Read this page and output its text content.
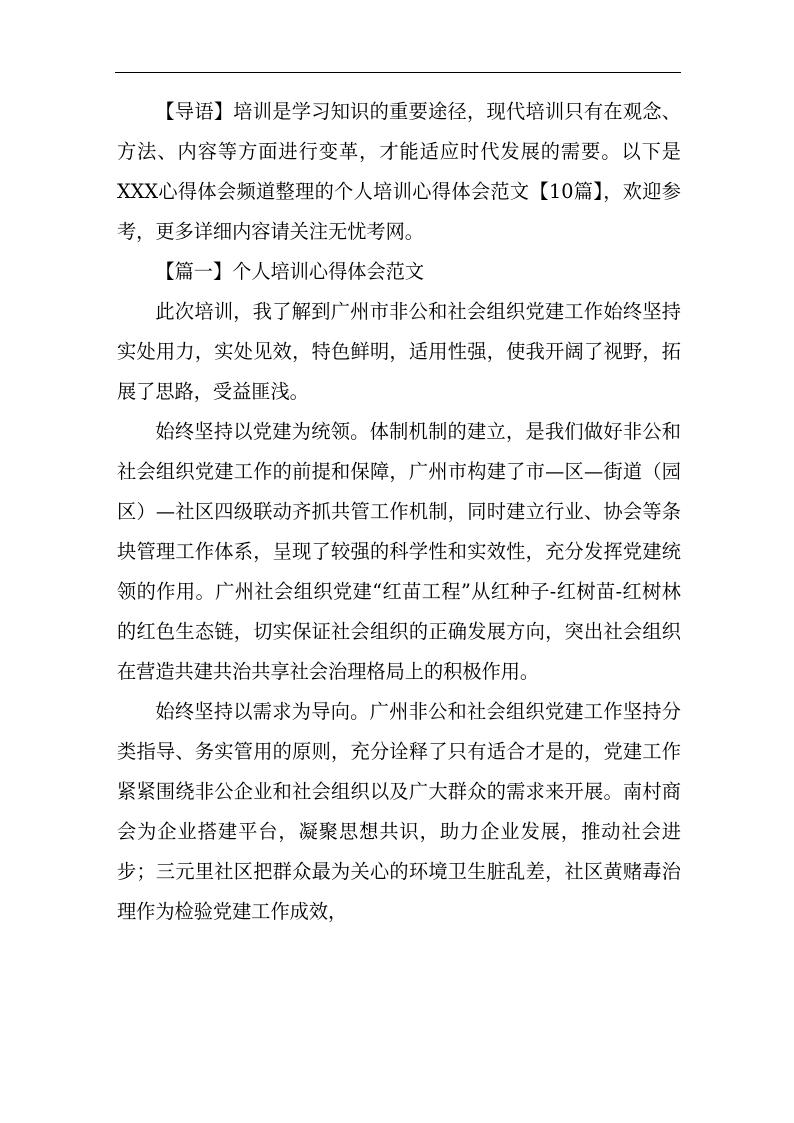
【导语】培训是学习知识的重要途径，现代培训只有在观念、方法、内容等方面进行变革，才能适应时代发展的需要。以下是XXX心得体会频道整理的个人培训心得体会范文【10篇】，欢迎参考，更多详细内容请关注无忧考网。

【篇一】个人培训心得体会范文

此次培训，我了解到广州市非公和社会组织党建工作始终坚持实处用力，实处见效，特色鲜明，适用性强，使我开阔了视野，拓展了思路，受益匪浅。

始终坚持以党建为统领。体制机制的建立，是我们做好非公和社会组织党建工作的前提和保障，广州市构建了市—区—街道（园区）—社区四级联动齐抓共管工作机制，同时建立行业、协会等条块管理工作体系，呈现了较强的科学性和实效性，充分发挥党建统领的作用。广州社会组织党建“红苗工程”从红种子-红树苗-红树林的红色生态链，切实保证社会组织的正确发展方向，突出社会组织在营造共建共治共享社会治理格局上的积极作用。

始终坚持以需求为导向。广州非公和社会组织党建工作坚持分类指导、务实管用的原则，充分诠释了只有适合才是的，党建工作紧紧围绕非公企业和社会组织以及广大群众的需求来开展。南村商会为企业搭建平台，凝聚思想共识，助力企业发展，推动社会进步；三元里社区把群众最为关心的环境卫生脏乱差，社区黄赌毒治理作为检验党建工作成效，
